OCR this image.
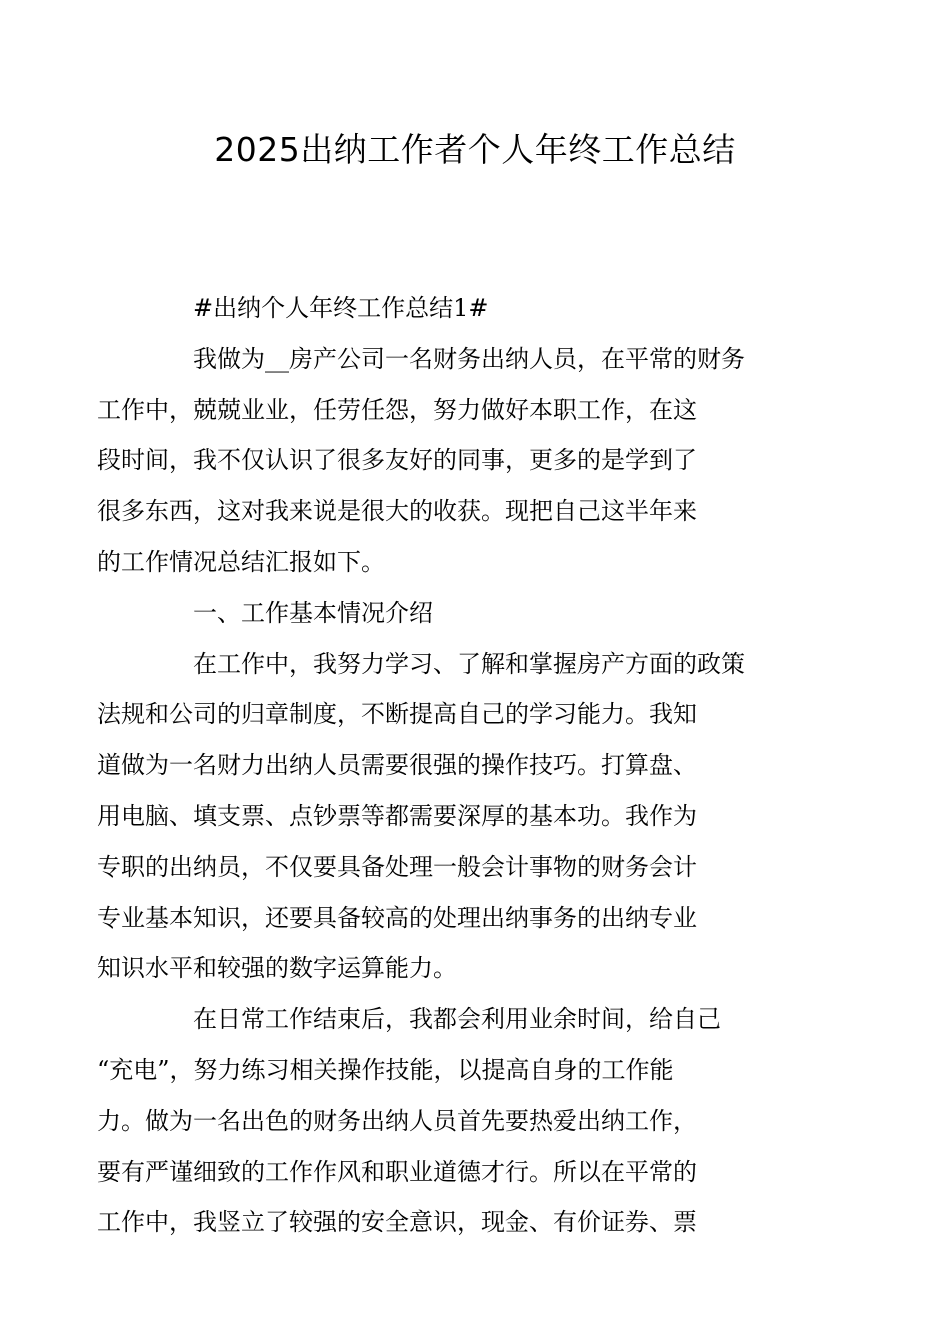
2025出纳工作者个人年终工作总结

#出纳个人年终工作总结1#

我做为__房产公司一名财务出纳人员，在平常的财务
工作中，兢兢业业，任劳任怨，努力做好本职工作，在这
段时间，我不仅认识了很多友好的同事，更多的是学到了
很多东西，这对我来说是很大的收获。现把自己这半年来
的工作情况总结汇报如下。

一、工作基本情况介绍

在工作中，我努力学习、了解和掌握房产方面的政策
法规和公司的归章制度，不断提高自己的学习能力。我知
道做为一名财力出纳人员需要很强的操作技巧。打算盘、
用电脑、填支票、点钞票等都需要深厚的基本功。我作为
专职的出纳员，不仅要具备处理一般会计事物的财务会计
专业基本知识，还要具备较高的处理出纳事务的出纳专业
知识水平和较强的数字运算能力。

在日常工作结束后，我都会利用业余时间，给自己
“充电”，努力练习相关操作技能，以提高自身的工作能
力。做为一名出色的财务出纳人员首先要热爱出纳工作，
要有严谨细致的工作作风和职业道德才行。所以在平常的
工作中，我竖立了较强的安全意识，现金、有价证券、票
